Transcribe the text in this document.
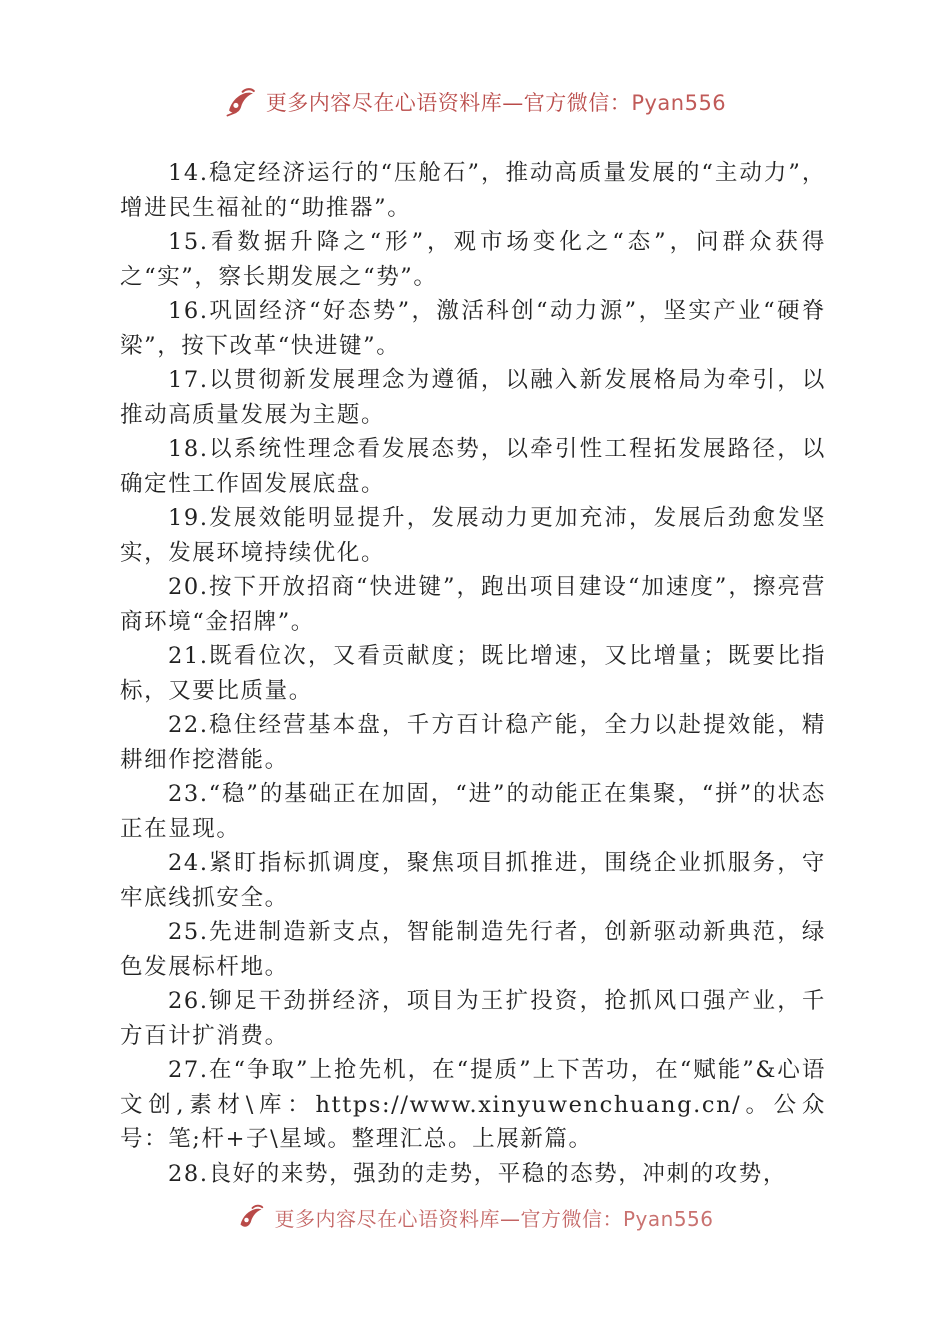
更多内容尽在心语资料库—官方微信：Pyan556

14.稳定经济运行的“压舱石”，推动高质量发展的“主动力”，增进民生福祉的“助推器”。

15.看数据升降之“形”，观市场变化之“态”，问群众获得之“实”，察长期发展之“势”。

16.巩固经济“好态势”，激活科创“动力源”，坚实产业“硬脊梁”，按下改革“快进键”。

17.以贯彻新发展理念为遵循，以融入新发展格局为牵引，以推动高质量发展为主题。

18.以系统性理念看发展态势，以牵引性工程拓发展路径，以确定性工作固发展底盘。

19.发展效能明显提升，发展动力更加充沛，发展后劲愈发坚实，发展环境持续优化。

20.按下开放招商“快进键”，跑出项目建设“加速度”，擦亮营商环境“金招牌”。

21.既看位次，又看贡献度；既比增速，又比增量；既要比指标，又要比质量。

22.稳住经营基本盘，千方百计稳产能，全力以赴提效能，精耕细作挖潜能。

23.“稳”的基础正在加固，“进”的动能正在集聚，“拼”的状态正在显现。

24.紧盯指标抓调度，聚焦项目抓推进，围绕企业抓服务，守牢底线抓安全。

25.先进制造新支点，智能制造先行者，创新驱动新典范，绿色发展标杆地。

26.铆足干劲拼经济，项目为王扩投资，抢抓风口强产业，千方百计扩消费。

27.在“争取”上抢先机，在“提质”上下苦功，在“赋能”&心语文创,素材\库：https://www.xinyuwenchuang.cn/。公众号：笔;杆+子\星域。整理汇总。上展新篇。

28.良好的来势，强劲的走势，平稳的态势，冲刺的攻势，

更多内容尽在心语资料库—官方微信：Pyan556
